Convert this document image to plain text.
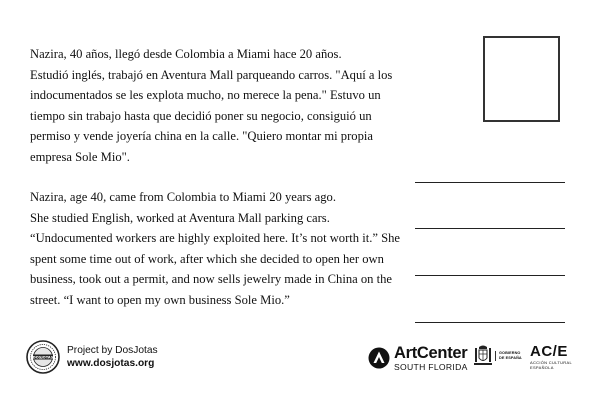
Nazira, 40 años, llegó desde Colombia a Miami hace 20 años.

Estudió inglés, trabajó en Aventura Mall parqueando carros. "Aquí a los

indocumentados se les explota mucho, no merece la pena." Estuvo un

tiempo sin trabajo hasta que decidió poner su negocio, consiguió un

permiso y vende joyería china en la calle. "Quiero montar mi propia

empresa Sole Mio".

Nazira, age 40, came from Colombia to Miami 20 years ago.

She studied English, worked at Aventura Mall parking cars.

“Undocumented workers are highly exploited here. It’s not worth it.” She

spent some time out of work, after which she decided to open her own

business, took out a permit, and now sells jewelry made in China on the

street. “I want to open my own business Sole Mio.”

DOSJOTAS
Project by DosJotas
www.dosjotas.org
ArtCenter
SOUTH FLORIDA
GOBIERNO
DE ESPAÑA AC/E
ACCIÓN CULTURAL
ESPAÑOLA
